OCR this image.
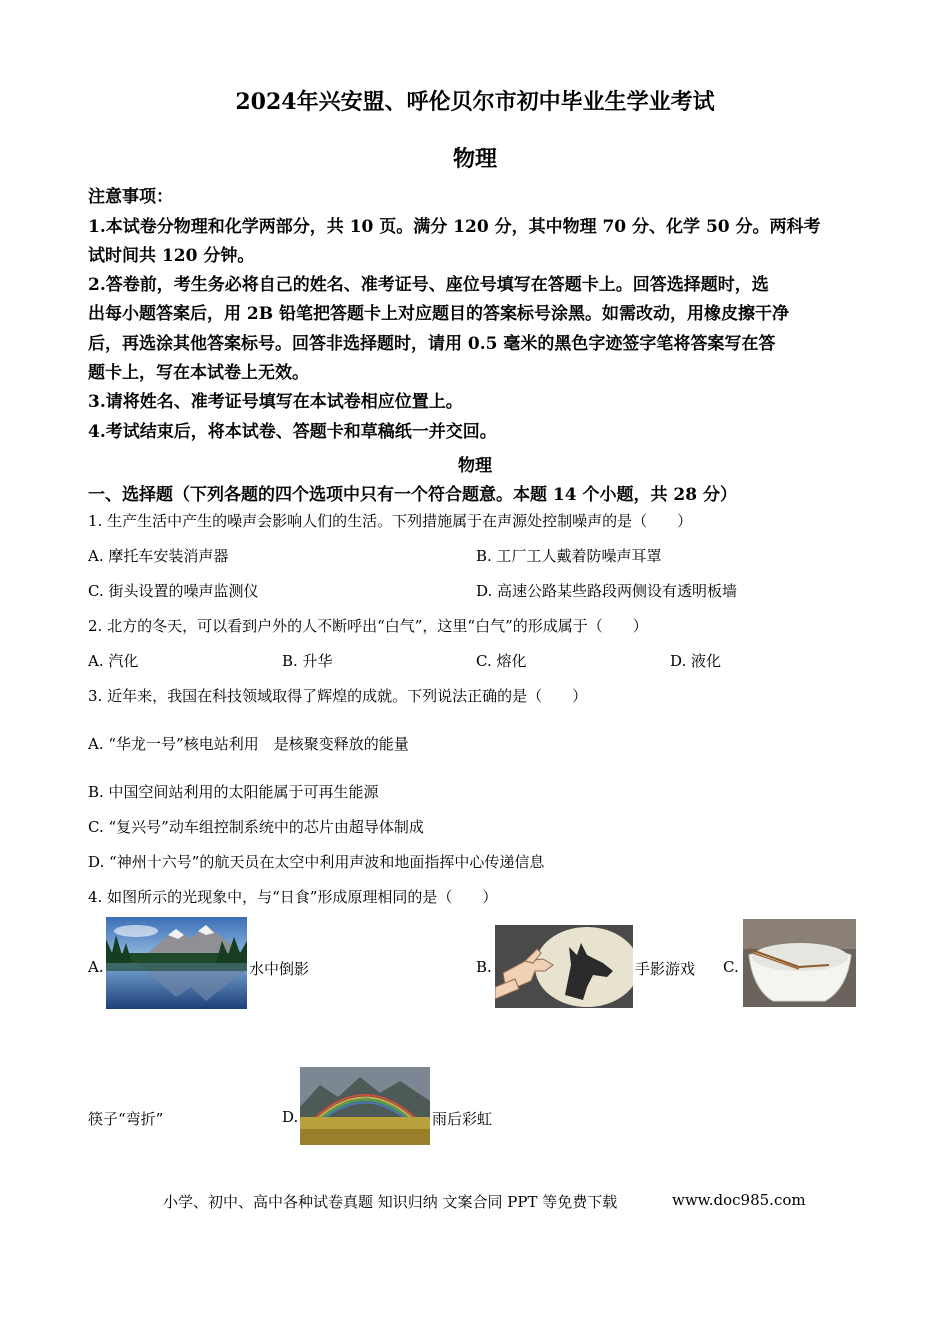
2024年兴安盟、呼伦贝尔市初中毕业生学业考试
物理
注意事项：
1.本试卷分物理和化学两部分，共 10 页。满分 120 分，其中物理 70 分、化学 50 分。两科考
试时间共 120 分钟。
2.答卷前，考生务必将自己的姓名、准考证号、座位号填写在答题卡上。回答选择题时，选
出每小题答案后，用 2B 铅笔把答题卡上对应题目的答案标号涂黑。如需改动，用橡皮擦干净
后，再选涂其他答案标号。回答非选择题时，请用 0.5 毫米的黑色字迹签字笔将答案写在答
题卡上，写在本试卷上无效。
3.请将姓名、准考证号填写在本试卷相应位置上。
4.考试结束后，将本试卷、答题卡和草稿纸一并交回。
物理
一、选择题（下列各题的四个选项中只有一个符合题意。本题 14 个小题，共 28 分）
1. 生产生活中产生的噪声会影响人们的生活。下列措施属于在声源处控制噪声的是（　　）
A. 摩托车安装消声器	B. 工厂工人戴着防噪声耳罩
C. 街头设置的噪声监测仪	D. 高速公路某些路段两侧设有透明板墙
2. 北方的冬天，可以看到户外的人不断呼出“白气”，这里“白气”的形成属于（　　）
A. 汽化	B. 升华	C. 熔化	D. 液化
3. 近年来，我国在科技领域取得了辉煌的成就。下列说法正确的是（　　）
A. “华龙一号”核电站利用　是核聚变释放的能量
B. 中国空间站利用的太阳能属于可再生能源
C. “复兴号”动车组控制系统中的芯片由超导体制成
D. “神州十六号”的航天员在太空中利用声波和地面指挥中心传递信息
4. 如图所示的光现象中，与“日食”形成原理相同的是（　　）
A.	水中倒影	B.	手影游戏 C.
筷子“弯折”	D.	雨后彩虹
小学、初中、高中各种试卷真题 知识归纳 文案合同 PPT 等免费下载	www.doc985.com
